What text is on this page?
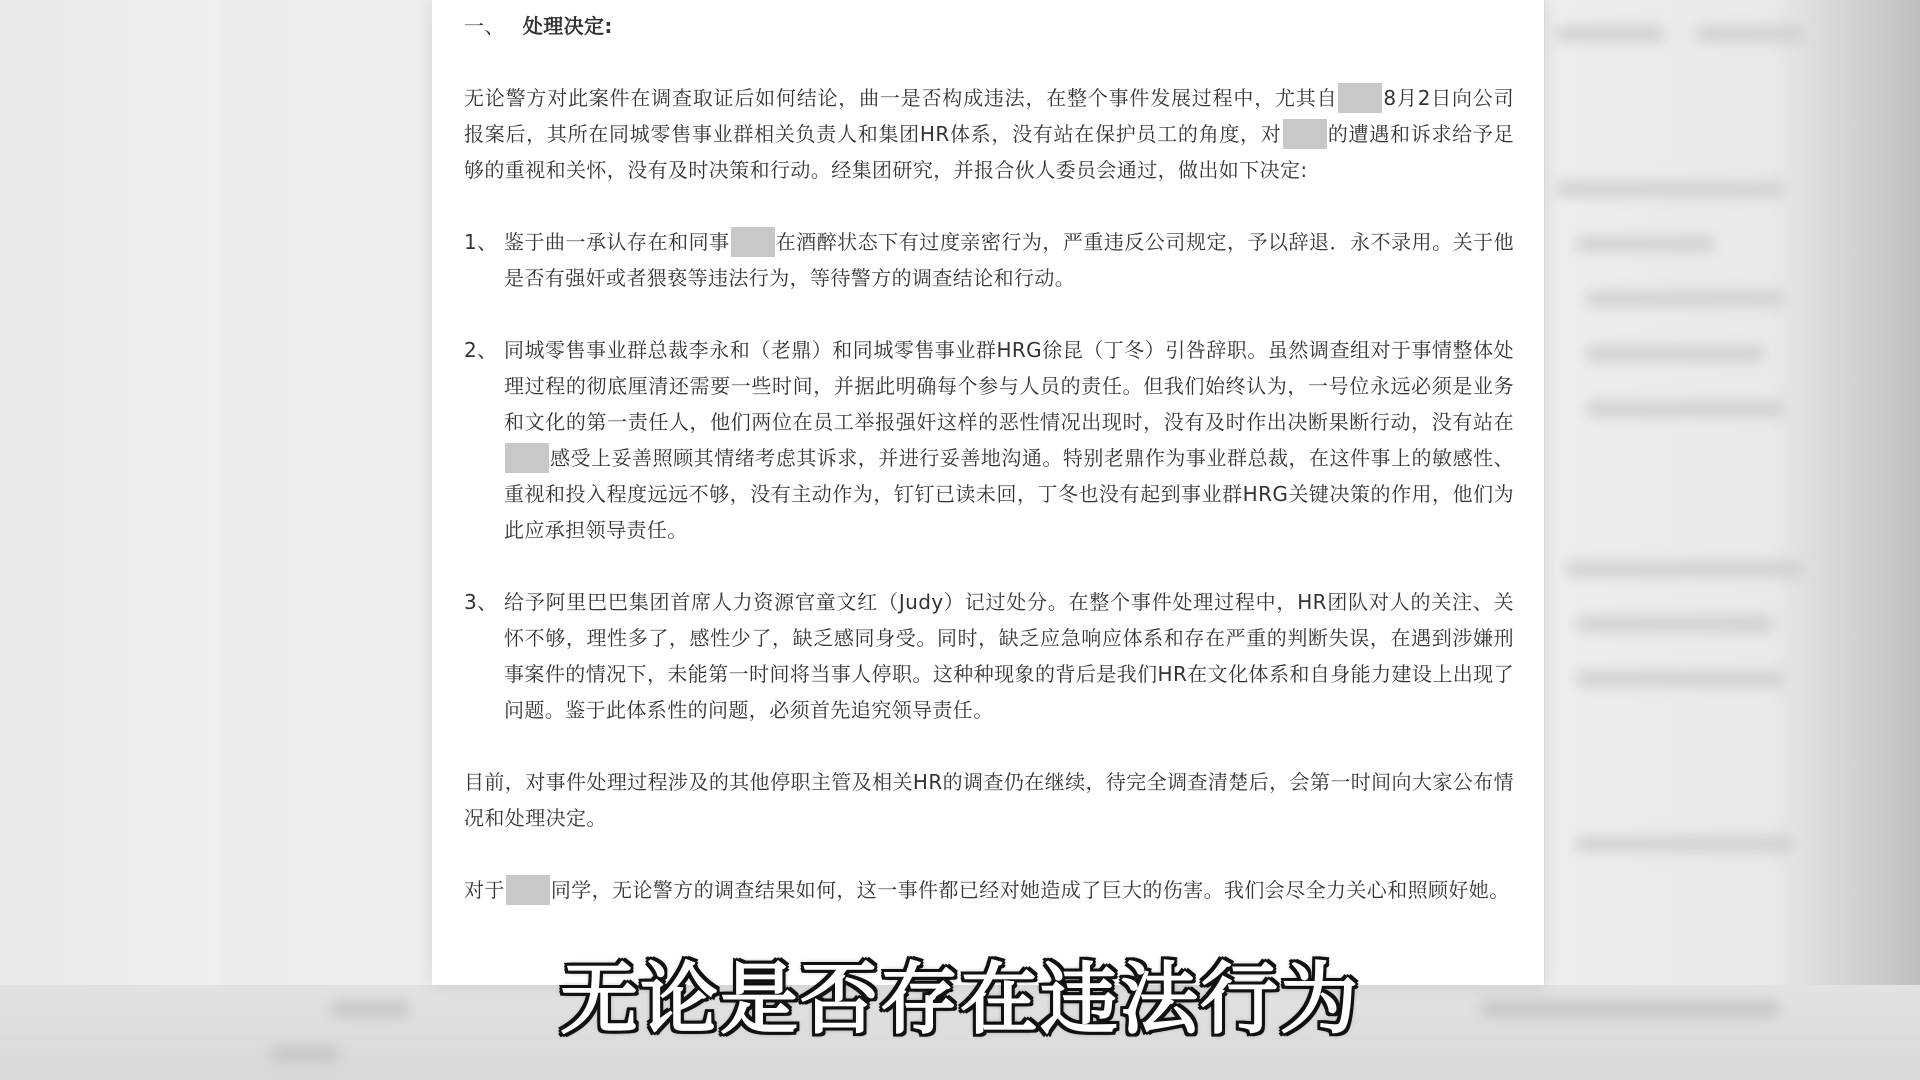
一、 处理决定:
无论警方对此案件在调查取证后如何结论，曲一是否构成违法，在整个事件发展过程中，尤其自 8月2日向公司报案后，其所在同城零售事业群相关负责人和集团HR体系，没有站在保护员工的角度，对 的遭遇和诉求给予足够的重视和关怀，没有及时决策和行动。经集团研究，并报合伙人委员会通过，做出如下决定:
1、 鉴于曲一承认存在和同事 在酒醉状态下有过度亲密行为，严重违反公司规定，予以辞退．永不录用。关于他是否有强奸或者猥亵等违法行为，等待警方的调查结论和行动。
2、 同城零售事业群总裁李永和（老鼎）和同城零售事业群HRG徐昆（丁冬）引咎辞职。虽然调查组对于事情整体处理过程的彻底厘清还需要一些时间，并据此明确每个参与人员的责任。但我们始终认为，一号位永远必须是业务和文化的第一责任人，他们两位在员工举报强奸这样的恶性情况出现时，没有及时作出决断果断行动，没有站在感受上妥善照顾其情绪考虑其诉求，并进行妥善地沟通。特别老鼎作为事业群总裁，在这件事上的敏感性、重视和投入程度远远不够，没有主动作为，钉钉已读未回，丁冬也没有起到事业群HRG关键决策的作用，他们为此应承担领导责任。
3、 给予阿里巴巴集团首席人力资源官童文红（Judy）记过处分。在整个事件处理过程中，HR团队对人的关注、关怀不够，理性多了，感性少了，缺乏感同身受。同时，缺乏应急响应体系和存在严重的判断失误，在遇到涉嫌刑事案件的情况下，未能第一时间将当事人停职。这种种现象的背后是我们HR在文化体系和自身能力建设上出现了问题。鉴于此体系性的问题，必须首先追究领导责任。
目前，对事件处理过程涉及的其他停职主管及相关HR的调查仍在继续，待完全调查清楚后，会第一时间向大家公布情况和处理决定。
对于 同学，无论警方的调查结果如何，这一事件都已经对她造成了巨大的伤害。我们会尽全力关心和照顾好她。
无论是否存在违法行为
